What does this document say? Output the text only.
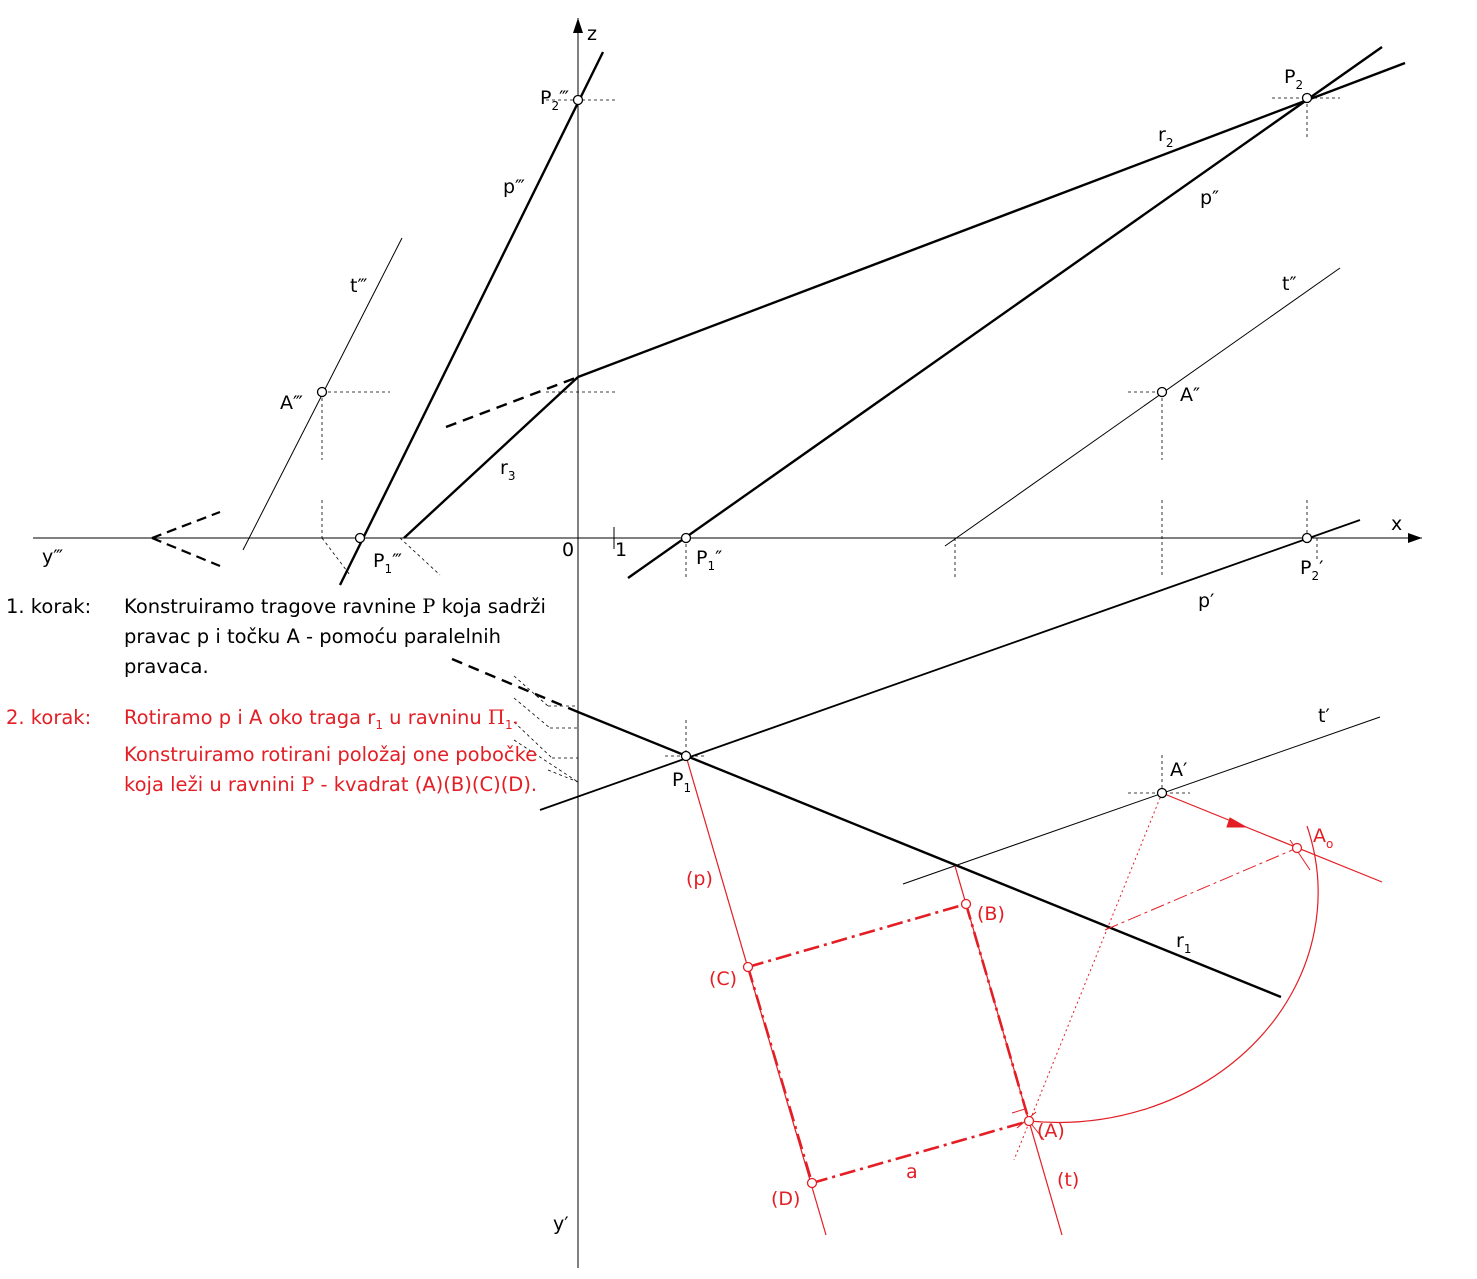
z
x
y‴
y′
0 1
$P_2‴$
$P_2$
$P_2'$
$P_1‴$	$P_1''$
$P_1$
p‴	p″
p′
t‴	t″
t′
A‴	A″
A′
$r_1$
$r_2$
$r_3$
$A_o$
(p)
(t)
(A)
(B)
(C)
(D)
a
1. korak: Konstruiramo tragove ravnine P koja sadrži pravac p i točku A - pomoću paralelnih pravaca.
2. korak: Rotiramo p i A oko traga $r_1$ u ravninu $\Pi_1$. Konstruiramo rotirani položaj one pobočke koja leži u ravnini P - kvadrat (A)(B)(C)(D).
